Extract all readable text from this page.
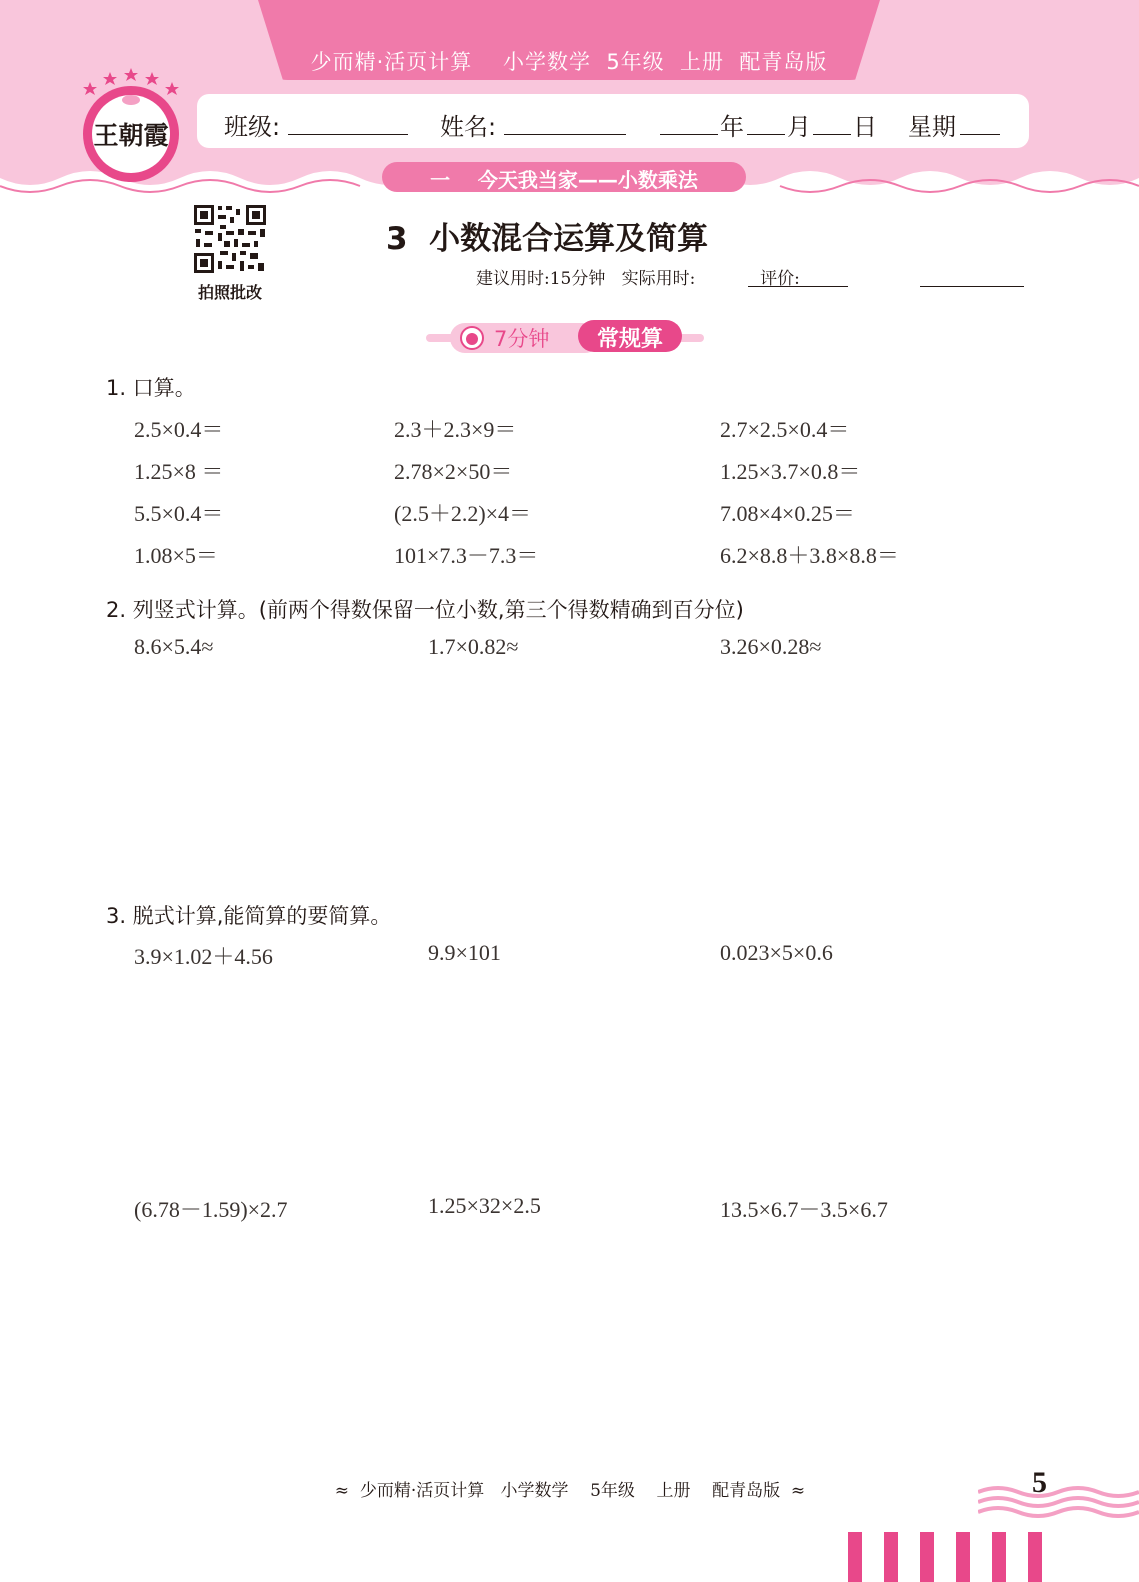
少而精·活页计算    小学数学  5年级  上册  配青岛版
王朝霞 班级:	姓名:	年 月 日 星期
一    今天我当家——小数乘法
拍照批改
3  小数混合运算及简算
建议用时:15分钟   实际用时:            评价:
7分钟	常规算
1. 口算。
2.5×0.4＝	2.3＋2.3×9＝	2.7×2.5×0.4＝
1.25×8 ＝	2.78×2×50＝	1.25×3.7×0.8＝
5.5×0.4＝	(2.5＋2.2)×4＝	7.08×4×0.25＝
1.08×5＝	101×7.3－7.3＝	6.2×8.8＋3.8×8.8＝
2. 列竖式计算。(前两个得数保留一位小数,第三个得数精确到百分位)
8.6×5.4≈	1.7×0.82≈	3.26×0.28≈
3. 脱式计算,能简算的要简算。
3.9×1.02＋4.56	9.9×101	0.023×5×0.6
(6.78－1.59)×2.7	1.25×32×2.5	13.5×6.7－3.5×6.7
≈  少而精·活页计算   小学数学    5年级    上册    配青岛版  ≈	5
